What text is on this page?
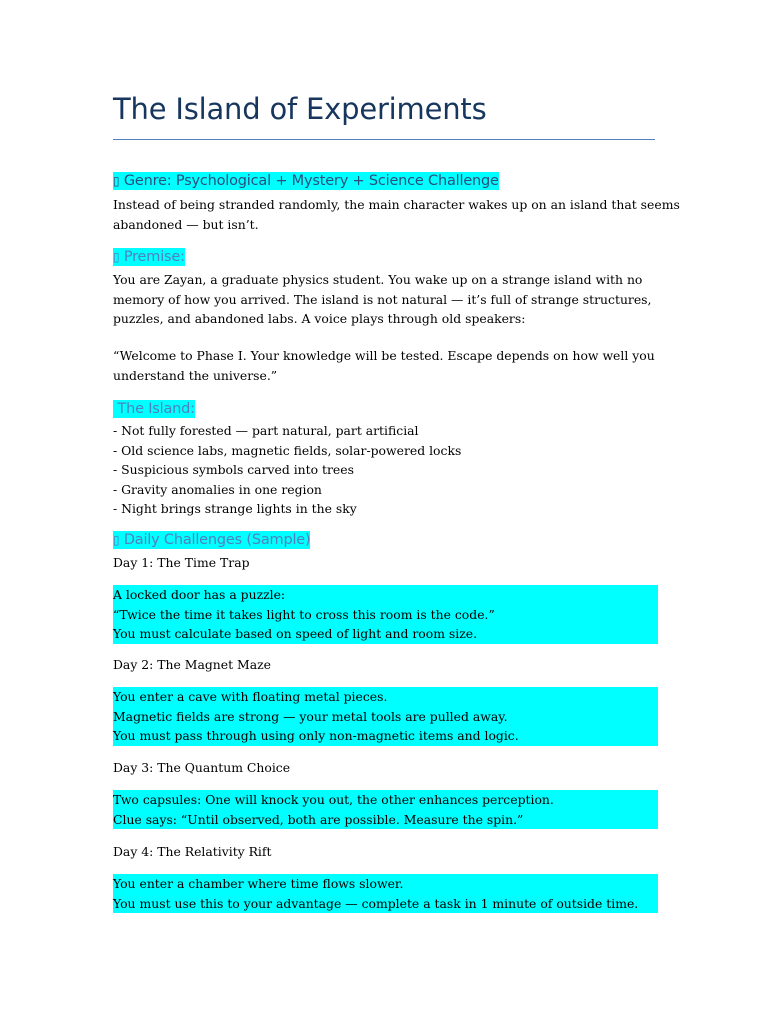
The Island of Experiments
▯ Genre: Psychological + Mystery + Science Challenge
Instead of being stranded randomly, the main character wakes up on an island that seems
abandoned — but isn’t.
▯ Premise:
You are Zayan, a graduate physics student. You wake up on a strange island with no
memory of how you arrived. The island is not natural — it’s full of strange structures,
puzzles, and abandoned labs. A voice plays through old speakers:
“Welcome to Phase I. Your knowledge will be tested. Escape depends on how well you
understand the universe.”
The Island:
- Not fully forested — part natural, part artificial
- Old science labs, magnetic fields, solar-powered locks
- Suspicious symbols carved into trees
- Gravity anomalies in one region
- Night brings strange lights in the sky
▯ Daily Challenges (Sample)
Day 1: The Time Trap
A locked door has a puzzle:
“Twice the time it takes light to cross this room is the code.”
You must calculate based on speed of light and room size.
Day 2: The Magnet Maze
You enter a cave with floating metal pieces.
Magnetic fields are strong — your metal tools are pulled away.
You must pass through using only non-magnetic items and logic.
Day 3: The Quantum Choice
Two capsules: One will knock you out, the other enhances perception.
Clue says: “Until observed, both are possible. Measure the spin.”
Day 4: The Relativity Rift
You enter a chamber where time flows slower.
You must use this to your advantage — complete a task in 1 minute of outside time.
